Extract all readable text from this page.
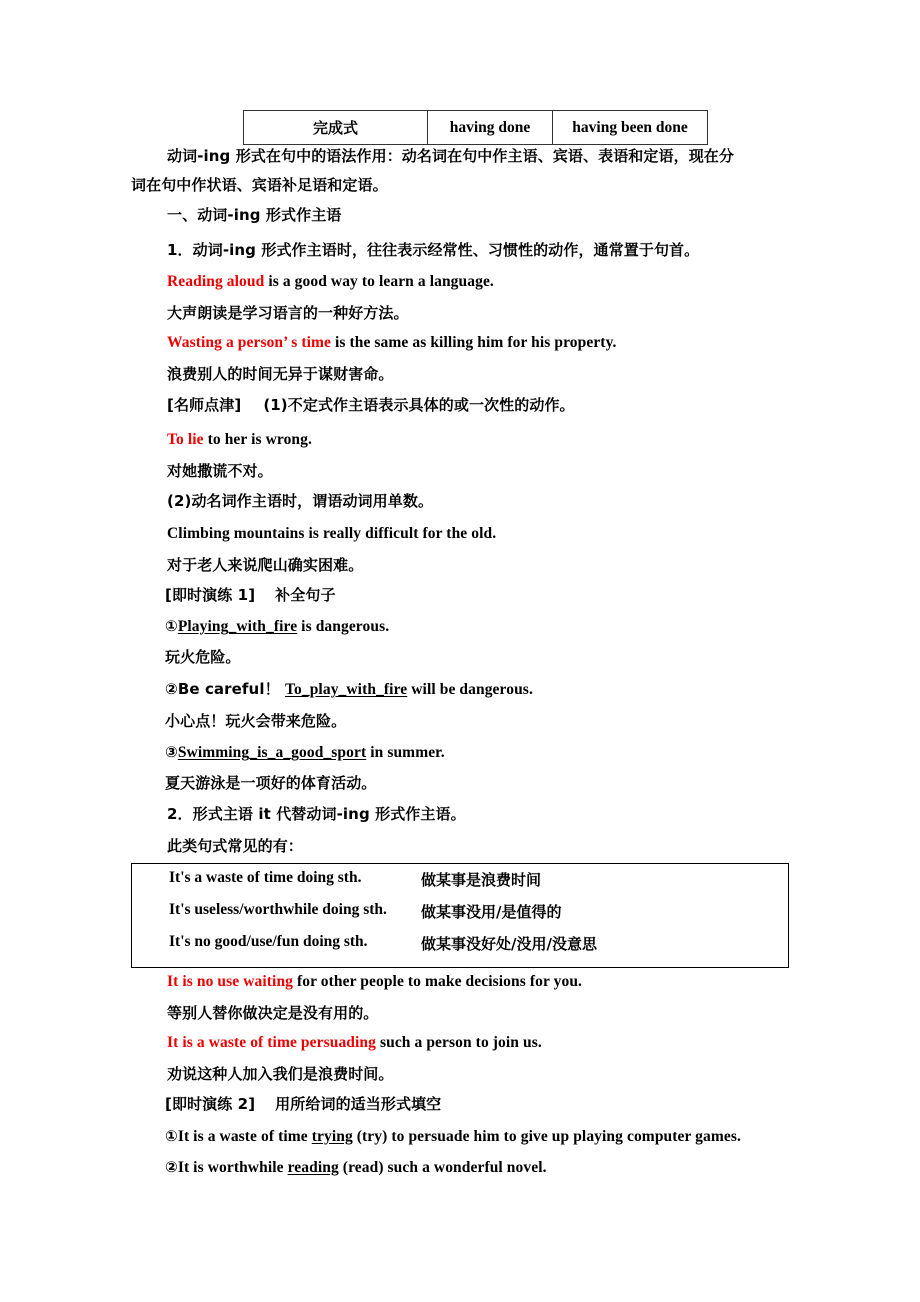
完成式	having done	having been done
动词-ing 形式在句中的语法作用：动名词在句中作主语、宾语、表语和定语，现在分
词在句中作状语、宾语补足语和定语。
一、动词-ing 形式作主语
1．动词-ing 形式作主语时，往往表示经常性、习惯性的动作，通常置于句首。
Reading aloud is a good way to learn a language.
大声朗读是学习语言的一种好方法。
Wasting a person’ s time is the same as killing him for his property.
浪费别人的时间无异于谋财害命。
[名师点津] (1)不定式作主语表示具体的或一次性的动作。
To lie to her is wrong.
对她撒谎不对。
(2)动名词作主语时，谓语动词用单数。
Climbing mountains is really difficult for the old.
对于老人来说爬山确实困难。
[即时演练 1] 补全句子
①Playing_with_fire is dangerous.
玩火危险。
②Be careful！ To_play_with_fire will be dangerous.
小心点！玩火会带来危险。
③Swimming_is_a_good_sport in summer.
夏天游泳是一项好的体育活动。
2．形式主语 it 代替动词-ing 形式作主语。
此类句式常见的有：
It's a waste of time doing sth.	做某事是浪费时间
It's useless/worthwhile doing sth. 做某事没用/是值得的
It's no good/use/fun doing sth.	做某事没好处/没用/没意思
It is no use waiting for other people to make decisions for you.
等别人替你做决定是没有用的。
It is a waste of time persuading such a person to join us.
劝说这种人加入我们是浪费时间。
[即时演练 2] 用所给词的适当形式填空
①It is a waste of time trying (try) to persuade him to give up playing computer games.
②It is worthwhile reading (read) such a wonderful novel.
